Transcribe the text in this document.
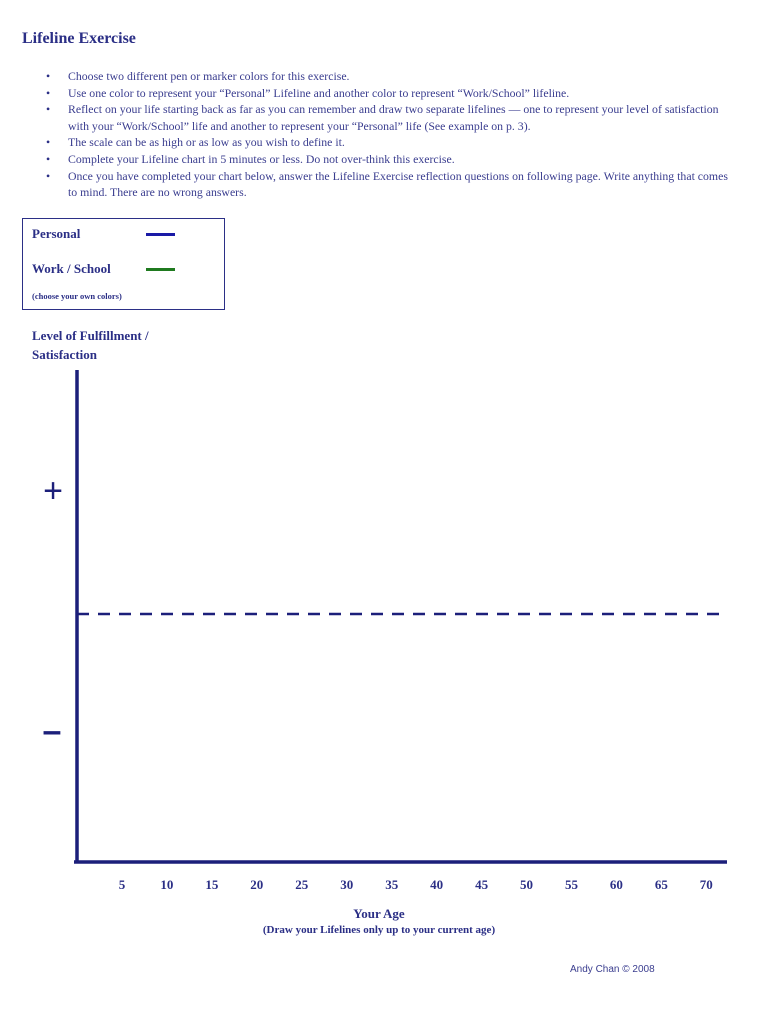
Lifeline Exercise
• Choose two different pen or marker colors for this exercise.
• Use one color to represent your “Personal” Lifeline and another color to represent “Work/School” lifeline.
• Reflect on your life starting back as far as you can remember and draw two separate lifelines — one to represent your level of satisfaction with your “Work/School” life and another to represent your “Personal” life (See example on p. 3).
• The scale can be as high or as low as you wish to define it.
• Complete your Lifeline chart in 5 minutes or less. Do not over-think this exercise.
• Once you have completed your chart below, answer the Lifeline Exercise reflection questions on following page. Write anything that comes to mind. There are no wrong answers.
Personal
Work / School
(choose your own colors)
Level of Fulfillment /
Satisfaction
+
–
5	10 15 20 25 30 35 40 45 50 55 60 65 70
Your Age
(Draw your Lifelines only up to your current age)
Andy Chan © 2008
